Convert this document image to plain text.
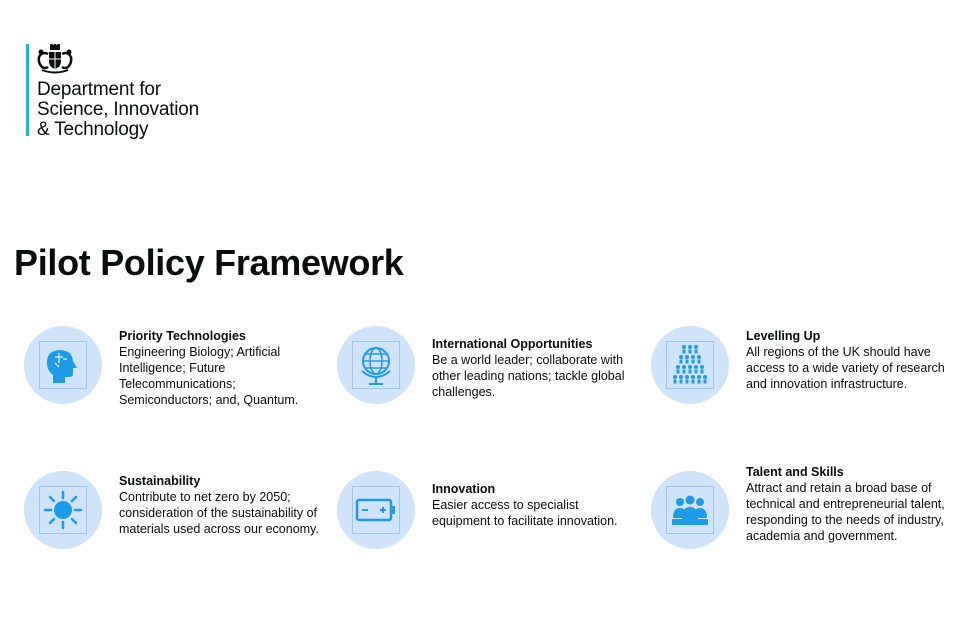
Department for
Science, Innovation
& Technology
Pilot Policy Framework
Priority Technologies
Engineering Biology; Artificial Intelligence; Future Telecommunications; Semiconductors; and, Quantum.
International Opportunities
Be a world leader; collaborate with other leading nations; tackle global challenges.
Levelling Up
All regions of the UK should have access to a wide variety of research and innovation infrastructure.
Sustainability
Contribute to net zero by 2050; consideration of the sustainability of materials used across our economy.
Innovation
Easier access to specialist equipment to facilitate innovation.
Talent and Skills
Attract and retain a broad base of technical and entrepreneurial talent, responding to the needs of industry, academia and government.
